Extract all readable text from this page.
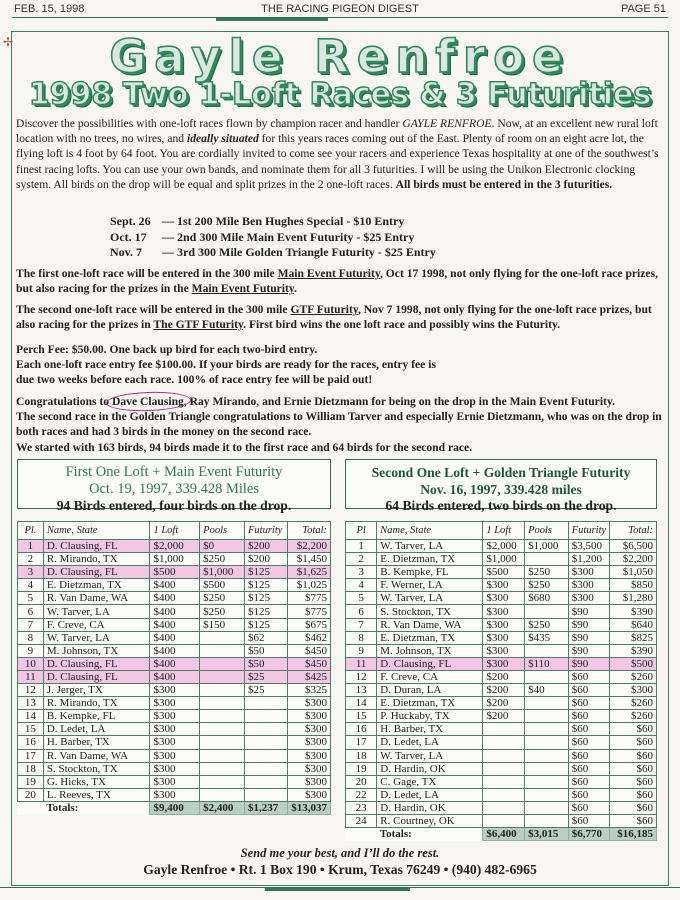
FEB. 15, 1998	THE RACING PIGEON DIGEST	PAGE 51
✢	Gayle Renfroe
1998 Two 1-Loft Races & 3 Futurities
Discover the possibilities with one-loft races flown by champion racer and handler GAYLE RENFROE. Now, at an excellent new rural loft location with no trees, no wires, and ideally situated for this years races coming out of the East. Plenty of room on an eight acre lot, the flying loft is 4 foot by 64 foot. You are cordially invited to come see your racers and experience Texas hospitality at one of the southwest’s finest racing lofts. You can use your own bands, and nominate them for all 3 futurities. I will be using the Unikon Electronic clocking system. All birds on the drop will be equal and split prizes in the 2 one-loft races. All birds must be entered in the 3 futurities.
Sept. 26 — 1st 200 Mile Ben Hughes Special - $10 Entry
Oct. 17 — 2nd 300 Mile Main Event Futurity - $25 Entry
Nov. 7 — 3rd 300 Mile Golden Triangle Futurity - $25 Entry
The first one-loft race will be entered in the 300 mile Main Event Futurity, Oct 17 1998, not only flying for the one-loft race prizes, but also racing for the prizes in the Main Event Futurity.
The second one-loft race will be entered in the 300 mile GTF Futurity, Nov 7 1998, not only flying for the one-loft race prizes, but also racing for the prizes in The GTF Futurity. First bird wins the one loft race and possibly wins the Futurity.
Perch Fee: $50.00. One back up bird for each two-bird entry.
Each one-loft race entry fee $100.00. If your birds are ready for the races, entry fee is
due two weeks before each race. 100% of race entry fee will be paid out!
Congratulations to Dave Clausing, Ray Mirando, and Ernie Dietzmann for being on the drop in the Main Event Futurity.
The second race in the Golden Triangle congratulations to William Tarver and especially Ernie Dietzmann, who was on the drop in both races and had 3 birds in the money on the second race.
We started with 163 birds, 94 birds made it to the first race and 64 birds for the second race.
First One Loft + Main Event Futurity
Oct. 19, 1997, 339.428 Miles
94 Birds entered, four birds on the drop.
Second One Loft + Golden Triangle Futurity
Nov. 16, 1997, 339.428 miles
64 Birds entered, two birds on the drop.
Pl.	Name, State	1 Loft	Pools	Futurity	Total:
1	D. Clausing, FL	$2,000	$0	$200	$2,200
2	R. Mirando, TX	$1,000	$250	$200	$1,450
3	D. Clausing, FL	$500	$1,000	$125	$1,625
4	E. Dietzman, TX	$400	$500	$125	$1,025
5	R. Van Dame, WA	$400	$250	$125	$775
6	W. Tarver, LA	$400	$250	$125	$775
7	F. Creve, CA	$400	$150	$125	$675
8	W. Tarver, LA	$400		$62	$462
9	M. Johnson, TX	$400		$50	$450
10	D. Clausing, FL	$400		$50	$450
11	D. Clausing, FL	$400		$25	$425
12	J. Jerger, TX	$300		$25	$325
13	R. Mirando, TX	$300			$300
14	B. Kempke, FL	$300			$300
15	D. Ledet, LA	$300			$300
16	H. Barber, TX	$300			$300
17	R. Van Dame, WA	$300			$300
18	S. Stockton, TX	$300			$300
19	G. Hicks, TX	$300			$300
20	L. Reeves, TX	$300			$300
	Totals:	$9,400	$2,400	$1,237	$13,037
Pl	Name, State	1 Loft	Pools	Futurity	Total:
1	W. Tarver, LA	$2,000	$1,000	$3,500	$6,500
2	E. Dietzman, TX	$1,000		$1,200	$2,200
3	B. Kempke, FL	$500	$250	$300	$1,050
4	F. Werner, LA	$300	$250	$300	$850
5	W. Tarver, LA	$300	$680	$300	$1,280
6	S. Stockton, TX	$300		$90	$390
7	R. Van Dame, WA	$300	$250	$90	$640
8	E. Dietzman, TX	$300	$435	$90	$825
9	M. Johnson, TX	$300		$90	$390
11	D. Clausing, FL	$300	$110	$90	$500
12	F. Creve, CA	$200		$60	$260
13	D. Duran, LA	$200	$40	$60	$300
14	E. Dietzman, TX	$200		$60	$260
15	P. Huckaby, TX	$200		$60	$260
16	H. Barber, TX			$60	$60
17	D. Ledet, LA			$60	$60
18	W. Tarver, LA			$60	$60
19	D. Hardin, OK			$60	$60
20	C. Gage, TX			$60	$60
22	D. Ledet, LA			$60	$60
23	D. Hardin, OK			$60	$60
24	R. Courtney, OK			$60	$60
	Totals:	$6,400	$3,015	$6,770	$16,185
Send me your best, and I’ll do the rest.
Gayle Renfroe • Rt. 1 Box 190 • Krum, Texas 76249 • (940) 482-6965
